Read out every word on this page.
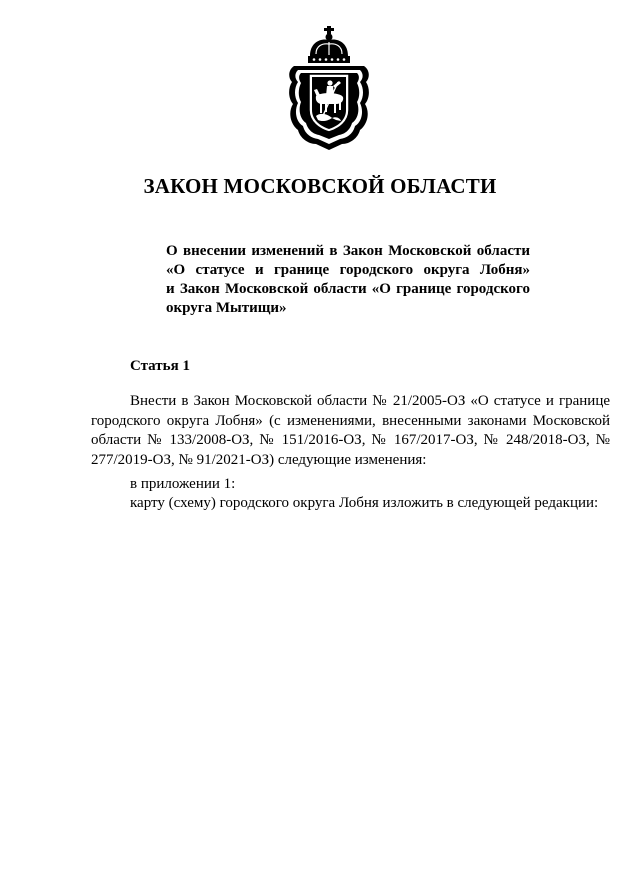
ЗАКОН МОСКОВСКОЙ ОБЛАСТИ
О внесении изменений в Закон Московской области
«О статусе и границе городского округа Лобня»
и Закон Московской области «О границе городского
округа Мытищи»
Статья 1

Внести в Закон Московской области № 21/2005-ОЗ «О статусе и границе городского округа Лобня» (с изменениями, внесенными законами Московской области № 133/2008-ОЗ, № 151/2016-ОЗ, № 167/2017-ОЗ, № 248/2018-ОЗ, № 277/2019-ОЗ, № 91/2021-ОЗ) следующие изменения:

в приложении 1:

карту (схему) городского округа Лобня изложить в следующей редакции:
